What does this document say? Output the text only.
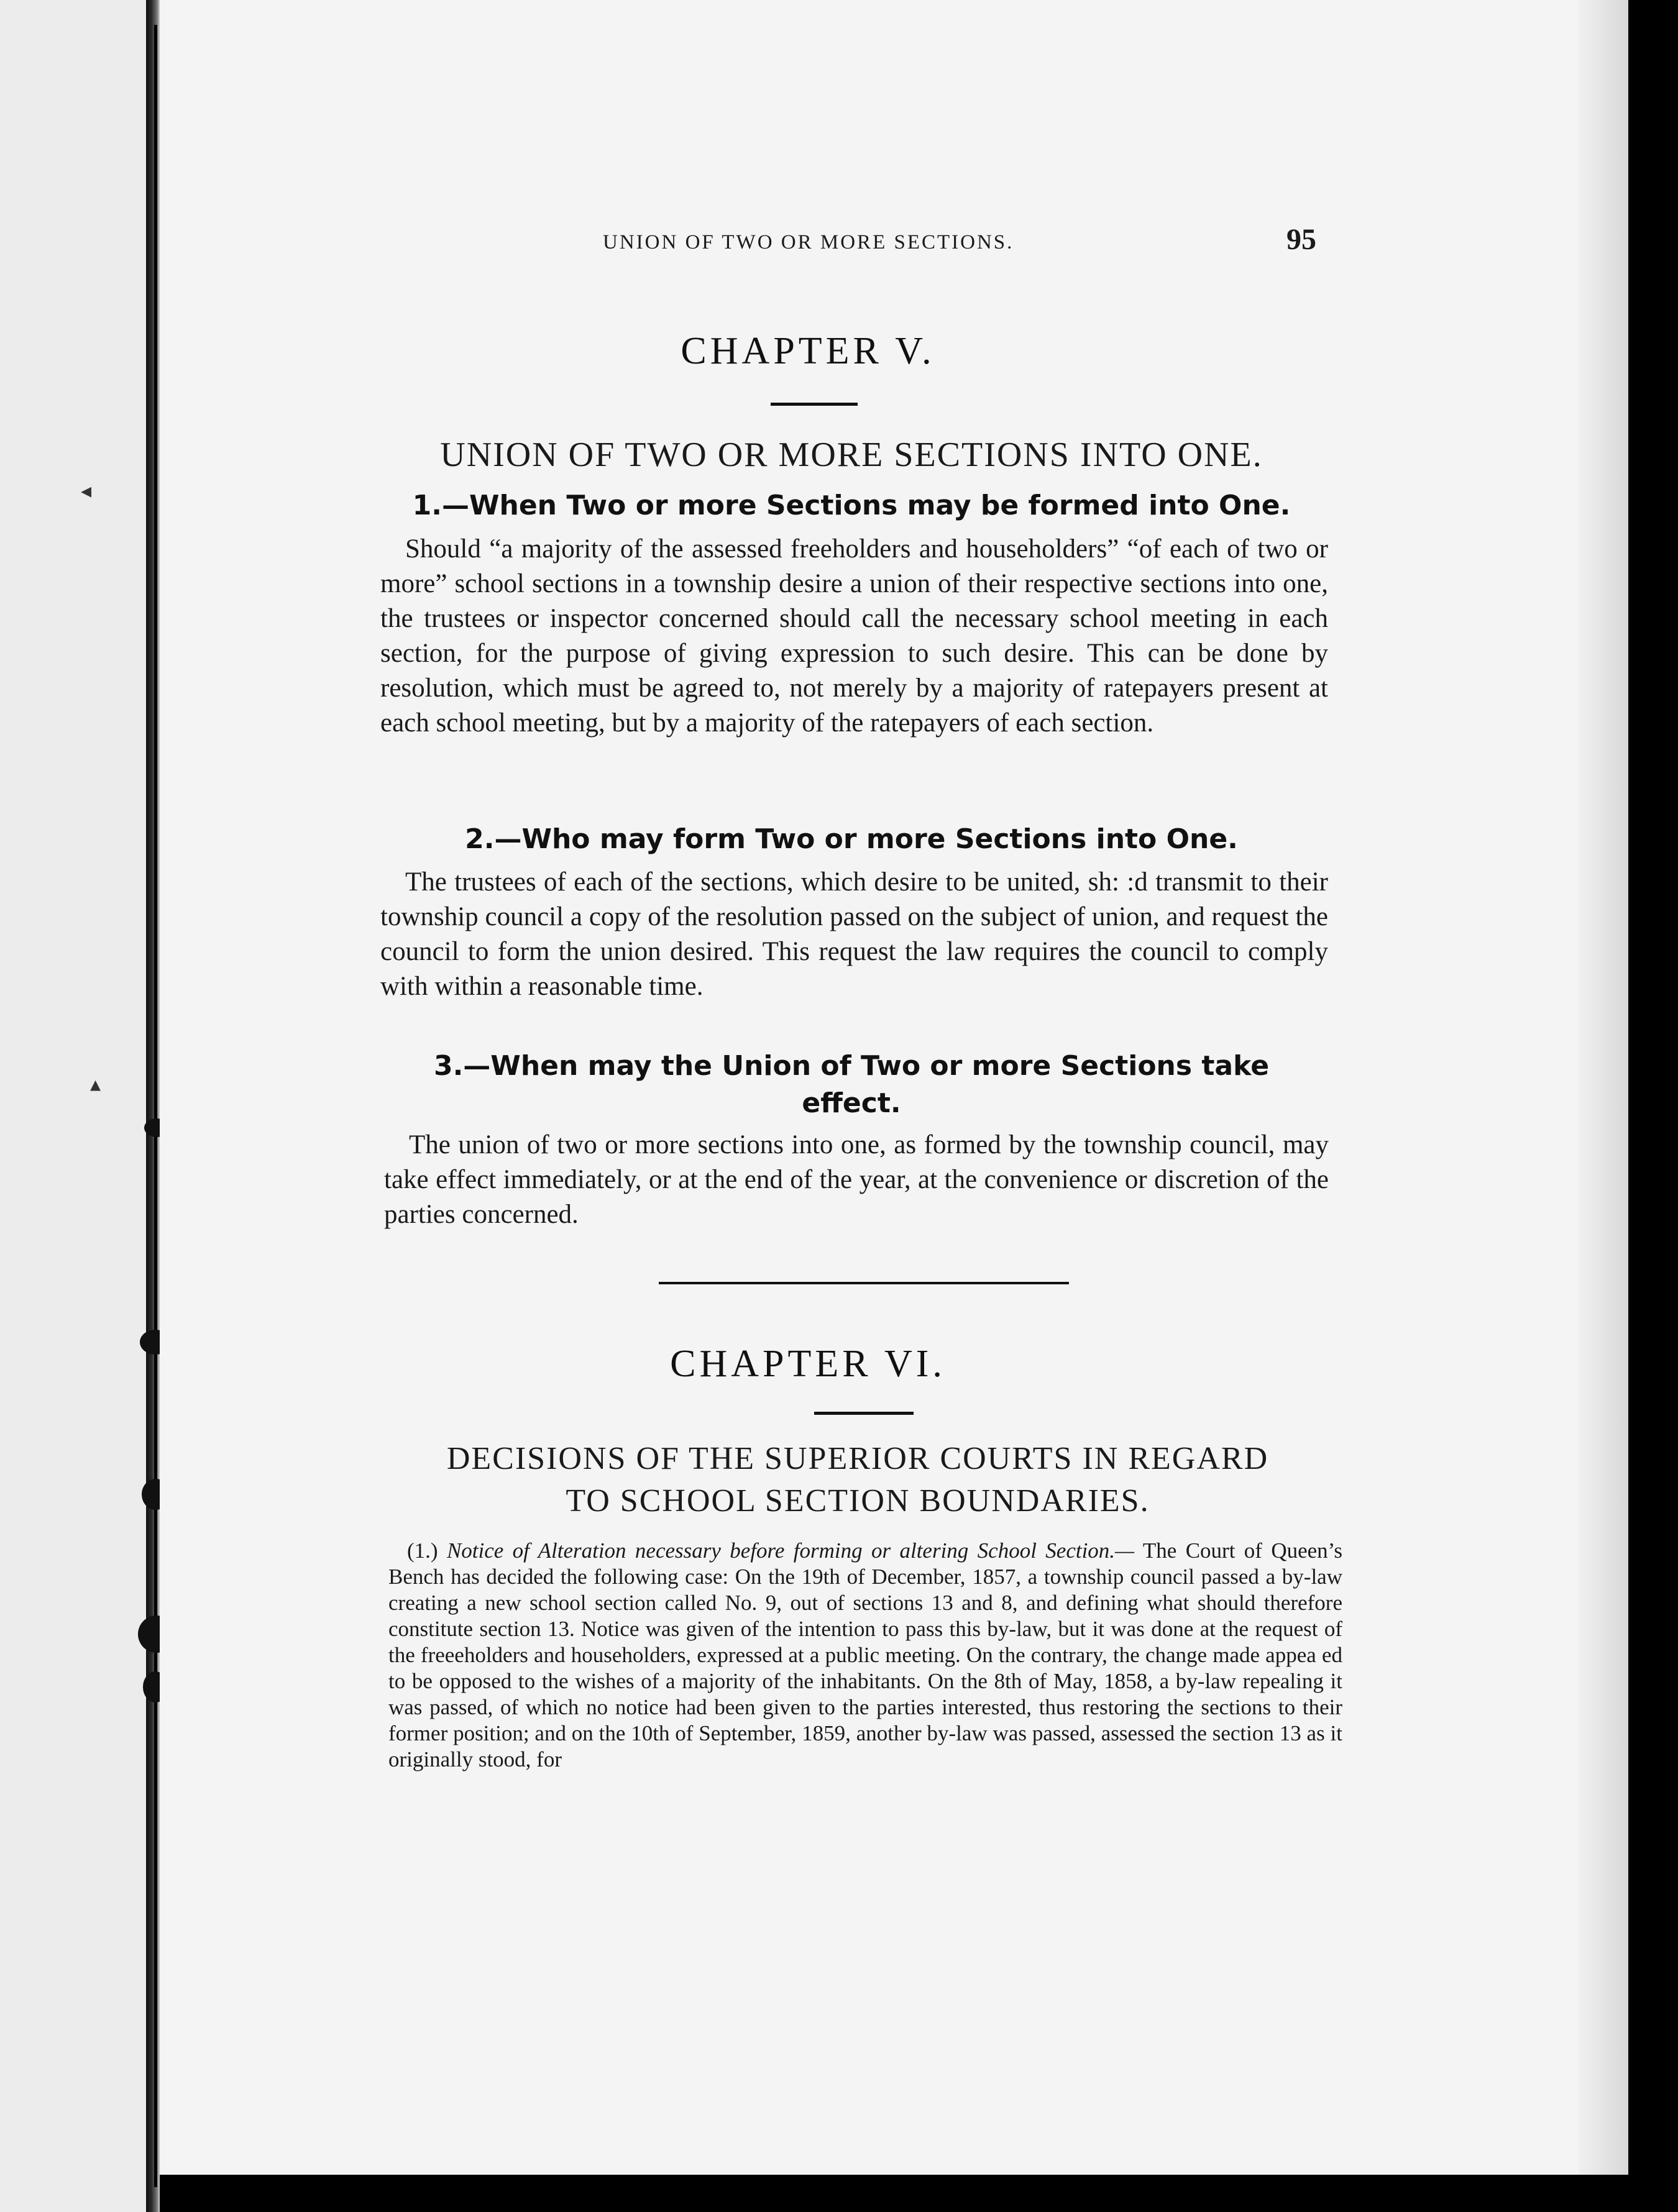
◂
▴
UNION OF TWO OR MORE SECTIONS.	95
CHAPTER V.
UNION OF TWO OR MORE SECTIONS INTO ONE.
1.—When Two or more Sections may be formed into One.
Should “a majority of the assessed freeholders and householders” “of each of two or more” school sections in a township desire a union of their respective sections into one, the trustees or inspector concerned should call the necessary school meeting in each section, for the purpose of giving expression to such desire. This can be done by resolution, which must be agreed to, not merely by a majority of ratepayers present at each school meeting, but by a majority of the ratepayers of each section.
2.—Who may form Two or more Sections into One.
The trustees of each of the sections, which desire to be united, sh: :d transmit to their township council a copy of the resolution passed on the subject of union, and request the council to form the union desired. This request the law requires the council to comply with within a reasonable time.
3.—When may the Union of Two or more Sections take
effect.
The union of two or more sections into one, as formed by the township council, may take effect immediately, or at the end of the year, at the convenience or discretion of the parties concerned.
CHAPTER VI.
DECISIONS OF THE SUPERIOR COURTS IN REGARD
TO SCHOOL SECTION BOUNDARIES.
(1.) Notice of Alteration necessary before forming or altering School Section.— The Court of Queen’s Bench has decided the following case: On the 19th of December, 1857, a township council passed a by-law creating a new school section called No. 9, out of sections 13 and 8, and defining what should therefore constitute section 13. Notice was given of the intention to pass this by-law, but it was done at the request of the freeeholders and householders, expressed at a public meeting. On the contrary, the change made appea ed to be opposed to the wishes of a majority of the inhabitants. On the 8th of May, 1858, a by-law repealing it was passed, of which no notice had been given to the parties interested, thus restoring the sections to their former position; and on the 10th of September, 1859, another by-law was passed, assessed the section 13 as it originally stood, for
